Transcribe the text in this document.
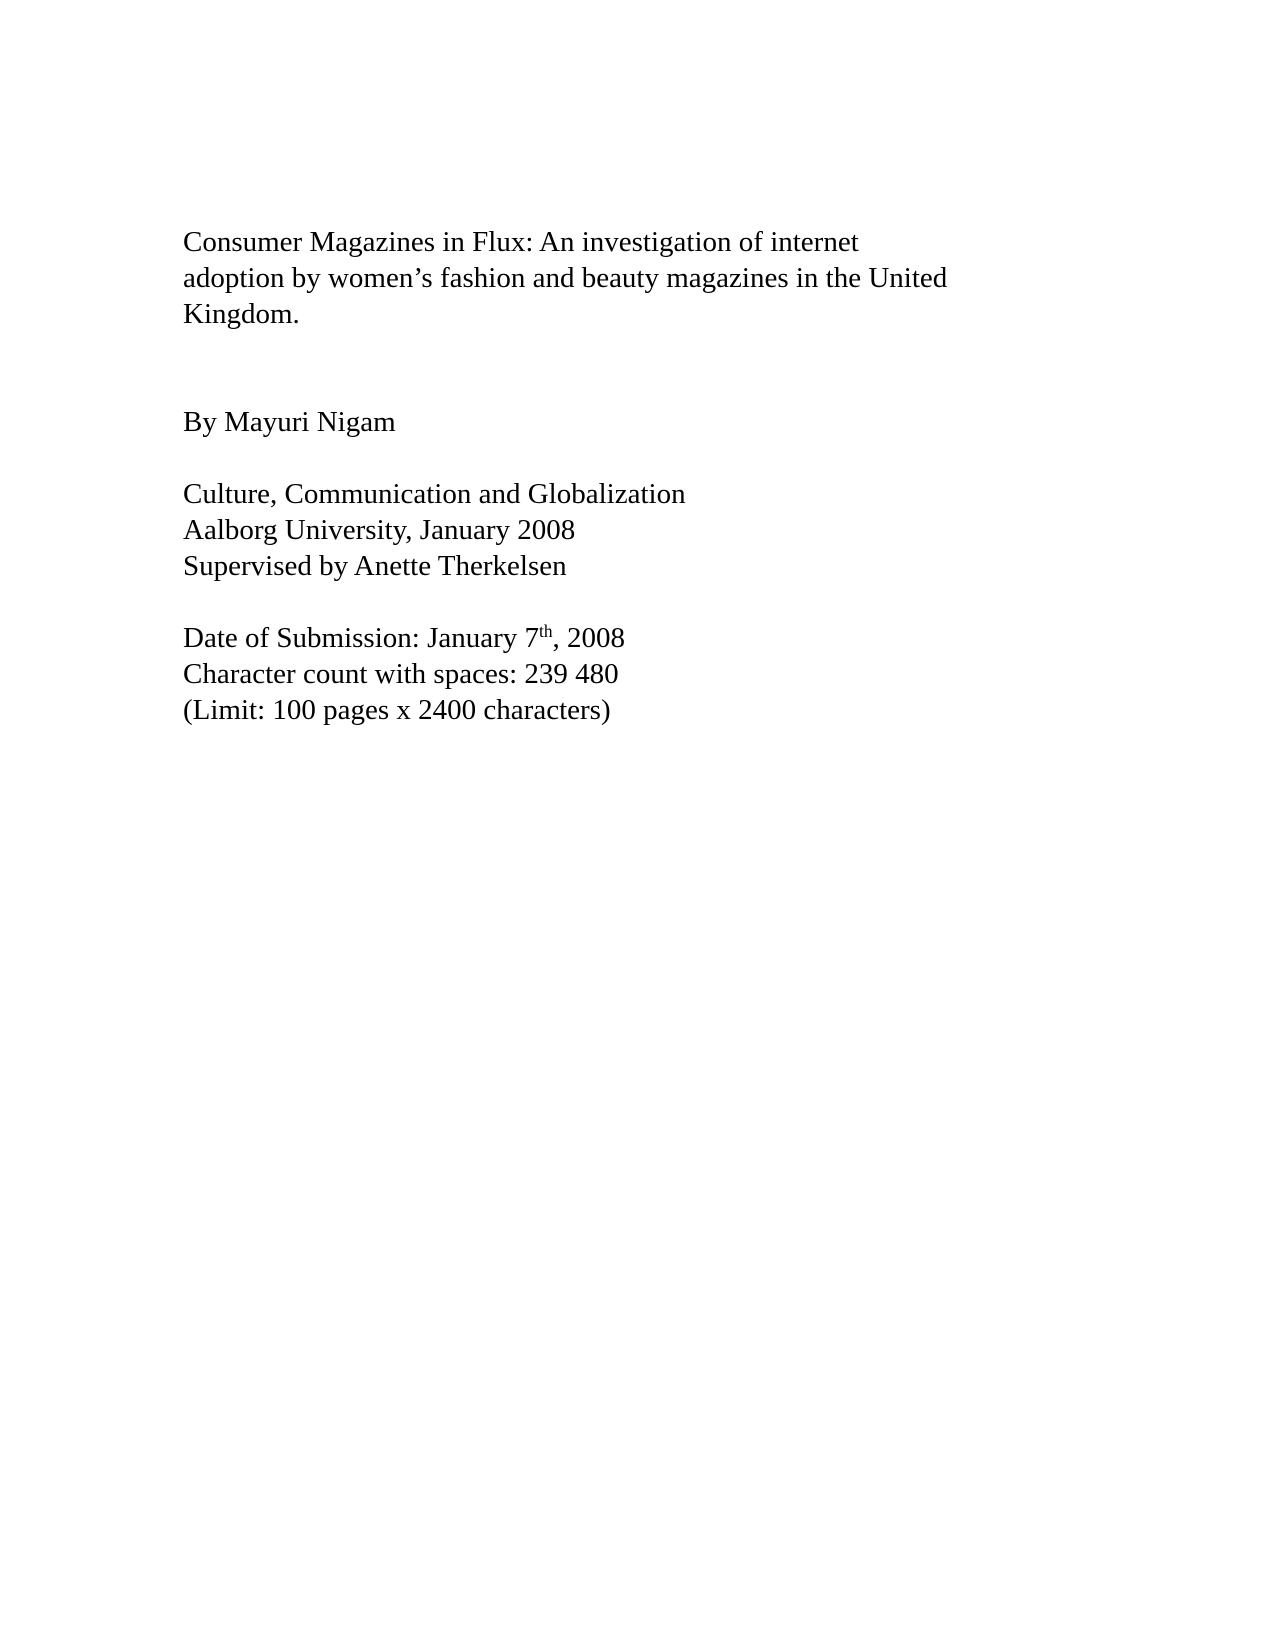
Consumer Magazines in Flux: An investigation of internet
adoption by women’s fashion and beauty magazines in the United
Kingdom.
By Mayuri Nigam
Culture, Communication and Globalization
Aalborg University, January 2008
Supervised by Anette Therkelsen
Date of Submission: January 7th, 2008
Character count with spaces: 239 480
(Limit: 100 pages x 2400 characters)
